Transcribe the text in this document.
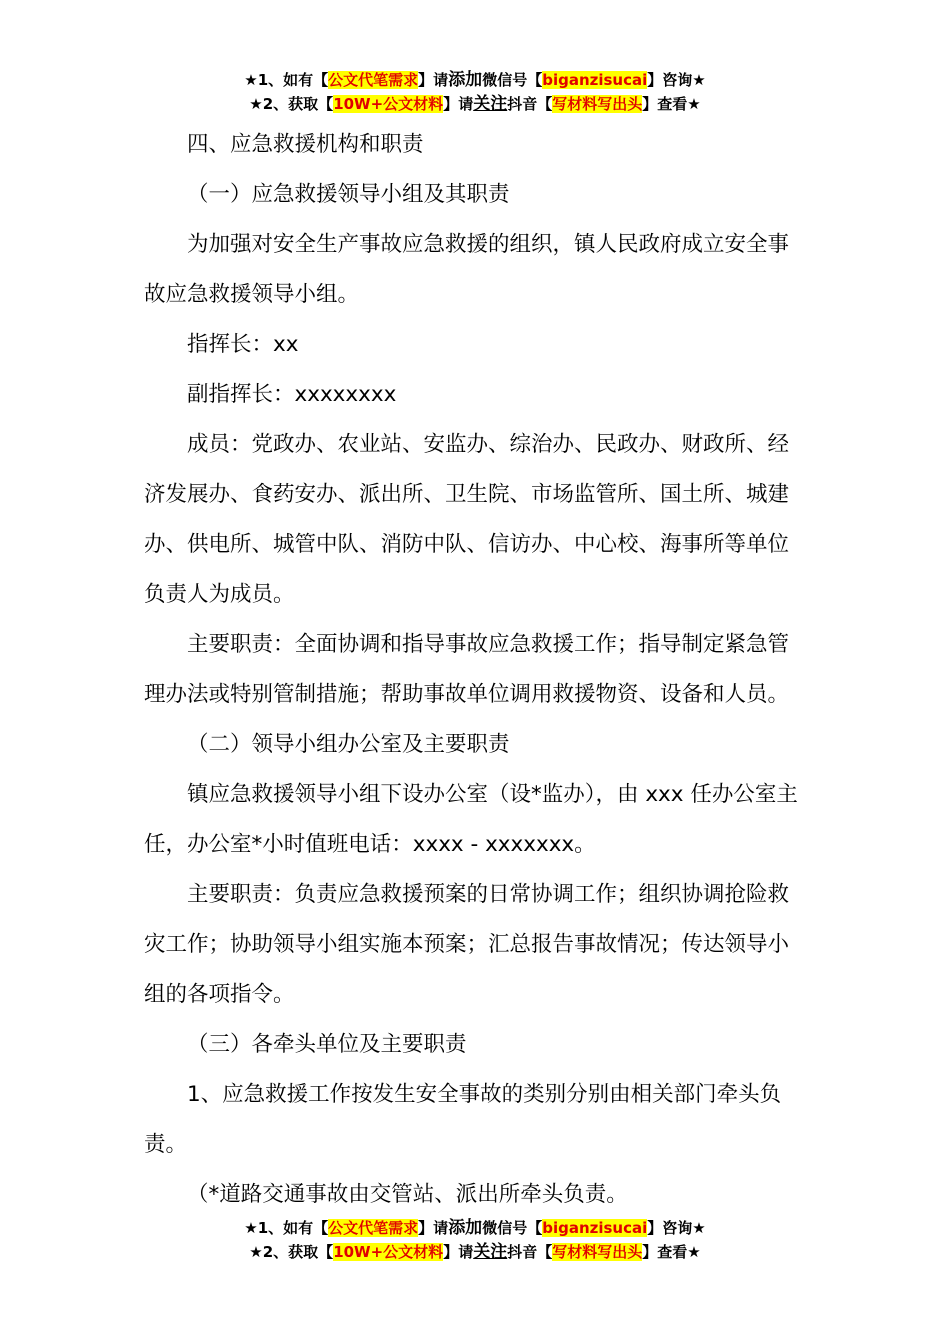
★1、如有【公文代笔需求】请添加微信号【biganzisucai】咨询★
★2、获取【10W+公文材料】请关注抖音【写材料写出头】查看★

四、应急救援机构和职责

（一）应急救援领导小组及其职责

为加强对安全生产事故应急救援的组织，镇人民政府成立安全事故应急救援领导小组。

指挥长：xx

副指挥长：xxxxxxxx

成员：党政办、农业站、安监办、综治办、民政办、财政所、经济发展办、食药安办、派出所、卫生院、市场监管所、国土所、城建办、供电所、城管中队、消防中队、信访办、中心校、海事所等单位负责人为成员。

主要职责：全面协调和指导事故应急救援工作；指导制定紧急管理办法或特别管制措施；帮助事故单位调用救援物资、设备和人员。

（二）领导小组办公室及主要职责

镇应急救援领导小组下设办公室（设*监办），由 xxx 任办公室主任，办公室*小时值班电话：xxxx - xxxxxxx。

主要职责：负责应急救援预案的日常协调工作；组织协调抢险救灾工作；协助领导小组实施本预案；汇总报告事故情况；传达领导小组的各项指令。

（三）各牵头单位及主要职责

1、应急救援工作按发生安全事故的类别分别由相关部门牵头负责。

（*道路交通事故由交管站、派出所牵头负责。

★1、如有【公文代笔需求】请添加微信号【biganzisucai】咨询★
★2、获取【10W+公文材料】请关注抖音【写材料写出头】查看★
